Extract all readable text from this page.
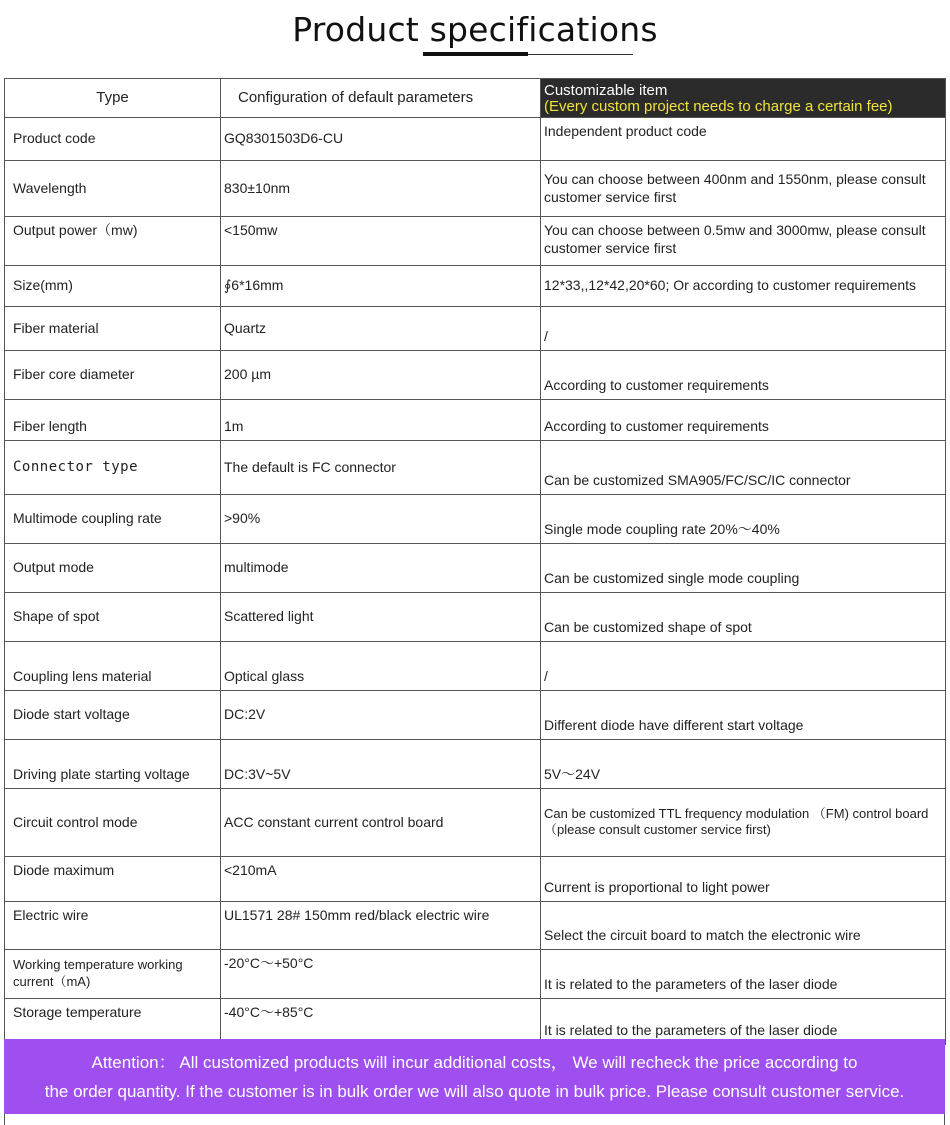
Product specifications
Type	Configuration of default parameters	Customizable item
(Every custom project needs to charge a certain fee)

Product code	GQ8301503D6-CU	Independent product code
Wavelength	830±10nm	You can choose between 400nm and 1550nm, please consult customer service first
Output power（mw)	<150mw	You can choose between 0.5mw and 3000mw, please consult customer service first
Size(mm)	∮6*16mm	12*33,,12*42,20*60; Or according to customer requirements
Fiber material	Quartz	/
Fiber core diameter	200 µm	According to customer requirements
Fiber length	1m	According to customer requirements
Connector type	The default is FC connector	Can be customized SMA905/FC/SC/IC connector
Multimode coupling rate	>90%	Single mode coupling rate 20%～40%
Output mode	multimode	Can be customized single mode coupling
Shape of spot	Scattered light	Can be customized shape of spot
Coupling lens material	Optical glass	/
Diode start voltage	DC:2V	Different diode have different start voltage
Driving plate starting voltage	DC:3V~5V	5V～24V
Circuit control mode	ACC constant current control board	Can be customized TTL frequency modulation （FM) control board（please consult customer service first)

Diode maximum	<210mA	Current is proportional to light power
Electric wire	UL1571 28# 150mm red/black electric wire	Select the circuit board to match the electronic wire

Working temperature working current（mA)	-20°C～+50°C	It is related to the parameters of the laser diode
Storage temperature	-40°C～+85°C	It is related to the parameters of the laser diode
Attention： All customized products will incur additional costs， We will recheck the price according to
the order quantity. If the customer is in bulk order we will also quote in bulk price. Please consult customer service.
